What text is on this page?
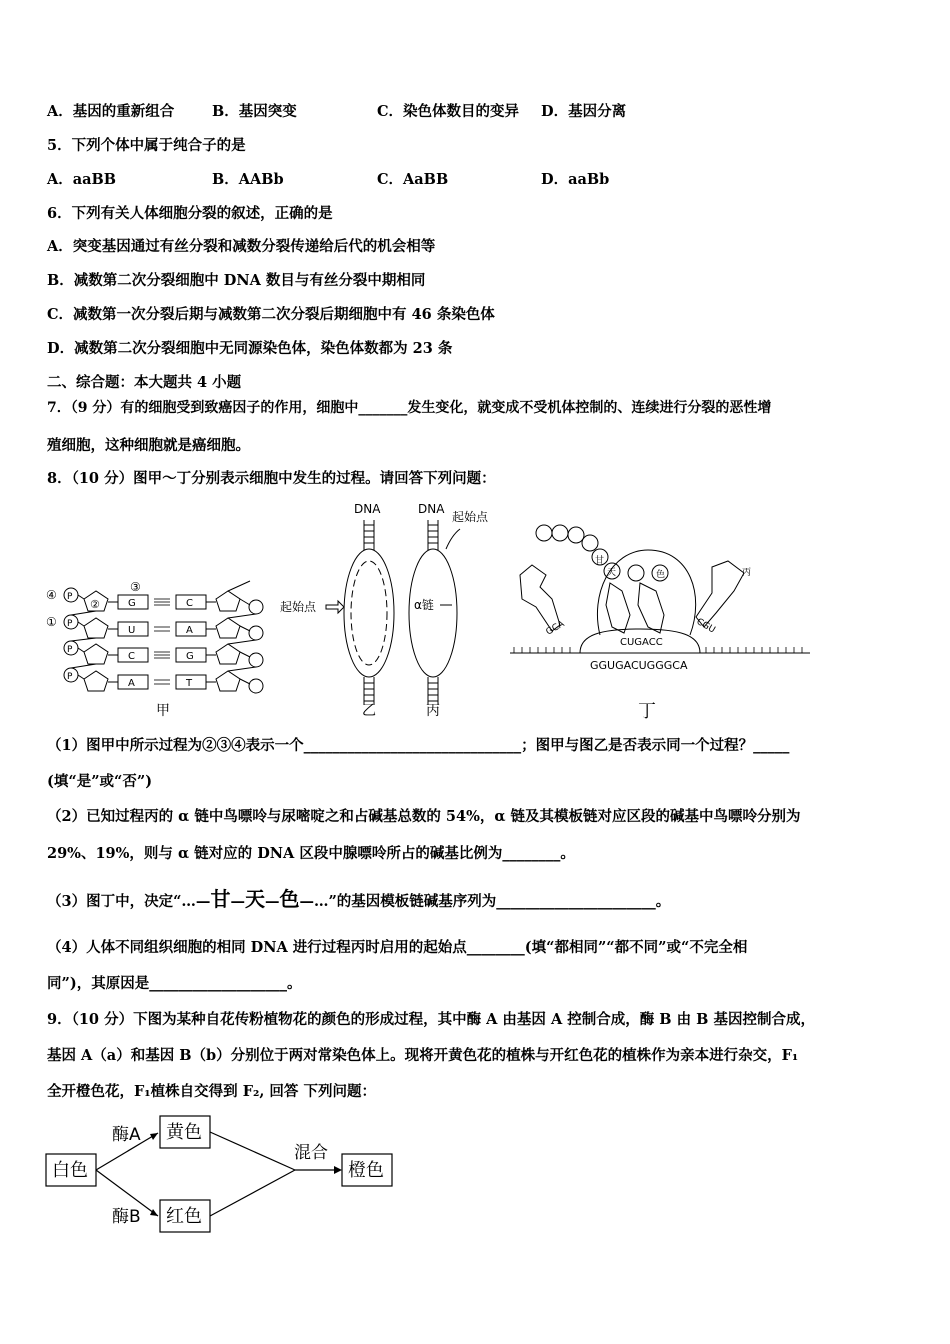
A．基因的重新组合	B．基因突变	C．染色体数目的变异 D．基因分离
5．下列个体中属于纯合子的是
A．aaBB	B．AABb	C．AaBB	D．aaBb
6．下列有关人体细胞分裂的叙述，正确的是
A．突变基因通过有丝分裂和减数分裂传递给后代的机会相等
B．减数第二次分裂细胞中 DNA 数目与有丝分裂中期相同
C．减数第一次分裂后期与减数第二次分裂后期细胞中有 46 条染色体
D．减数第二次分裂细胞中无同源染色体，染色体数都为 23 条
二、综合题：本大题共 4 小题
7．（9 分）有的细胞受到致癌因子的作用，细胞中_______发生变化，就变成不受机体控制的、连续进行分裂的恶性增
殖细胞，这种细胞就是癌细胞。
8．（10 分）图甲～丁分别表示细胞中发生的过程。请回答下列问题：
③
④
①
P
P
P
P
②	G
U
C
A
C
A
G
T
甲
DNA
起始点
乙
DNA
起始点
α链
丙
甘
天	色	丙
GCA
CUGACC
CGU
GGUGACUGGGCA
丁
（1）图甲中所示过程为②③④表示一个______________________________；图甲与图乙是否表示同一个过程？_____
(填“是”或“否”)
（2）已知过程丙的 α 链中鸟嘌呤与尿嘧啶之和占碱基总数的 54%，α 链及其模板链对应区段的碱基中鸟嘌呤分别为
29%、19%，则与 α 链对应的 DNA 区段中腺嘌呤所占的碱基比例为________。
（3）图丁中，决定“…—甘—天—色—…”的基因模板链碱基序列为______________________。
（4）人体不同组织细胞的相同 DNA 进行过程丙时启用的起始点________(填“都相同”“都不同”或“不完全相
同”)，其原因是___________________。
9．（10 分）下图为某种自花传粉植物花的颜色的形成过程，其中酶 A 由基因 A 控制合成，酶 B 由 B 基因控制合成，
基因 A（a）和基因 B（b）分别位于两对常染色体上。现将开黄色花的植株与开红色花的植株作为亲本进行杂交，F₁
全开橙色花，F₁植株自交得到 F₂, 回答 下列问题：
白色
黄色
红色
橙色
酶A
酶B
混合
